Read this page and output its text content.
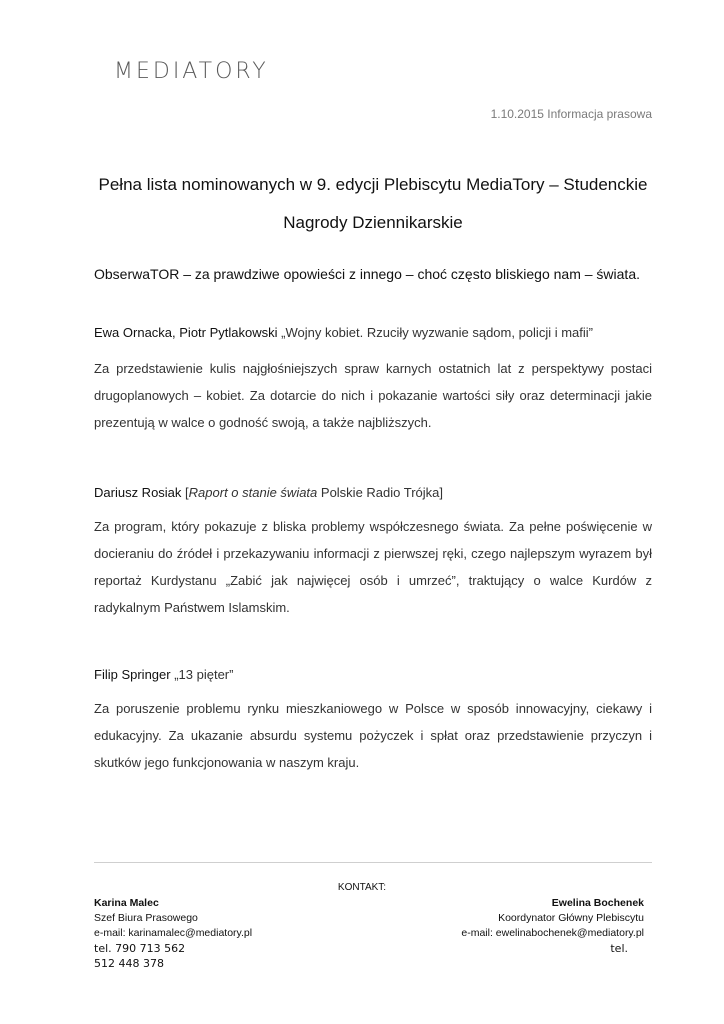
MEDIATORY
1.10.2015 Informacja prasowa
Pełna lista nominowanych w 9. edycji Plebiscytu MediaTory – Studenckie
Nagrody Dziennikarskie
ObserwaTOR – za prawdziwe opowieści z innego – choć często bliskiego nam – świata.
Ewa Ornacka, Piotr Pytlakowski „Wojny kobiet. Rzuciły wyzwanie sądom, policji i mafii”
Za przedstawienie kulis najgłośniejszych spraw karnych ostatnich lat z perspektywy postaci drugoplanowych – kobiet. Za dotarcie do nich i pokazanie wartości siły oraz determinacji jakie prezentują w walce o godność swoją, a także najbliższych.
Dariusz Rosiak [Raport o stanie świata Polskie Radio Trójka]
Za program, który pokazuje z bliska problemy współczesnego świata. Za pełne poświęcenie w docieraniu do źródeł i przekazywaniu informacji z pierwszej ręki, czego najlepszym wyrazem był reportaż Kurdystanu „Zabić jak najwięcej osób i umrzeć”, traktujący o walce Kurdów z radykalnym Państwem Islamskim.
Filip Springer „13 pięter”
Za poruszenie problemu rynku mieszkaniowego w Polsce w sposób innowacyjny, ciekawy i edukacyjny. Za ukazanie absurdu systemu pożyczek i spłat oraz przedstawienie przyczyn i skutków jego funkcjonowania w naszym kraju.
KONTAKT:
Karina Malec
Szef Biura Prasowego
e-mail: karinamalec@mediatory.pl
tel. 790 713 562
512 448 378
Ewelina Bochenek
Koordynator Główny Plebiscytu
e-mail: ewelinabochenek@mediatory.pl
tel.
